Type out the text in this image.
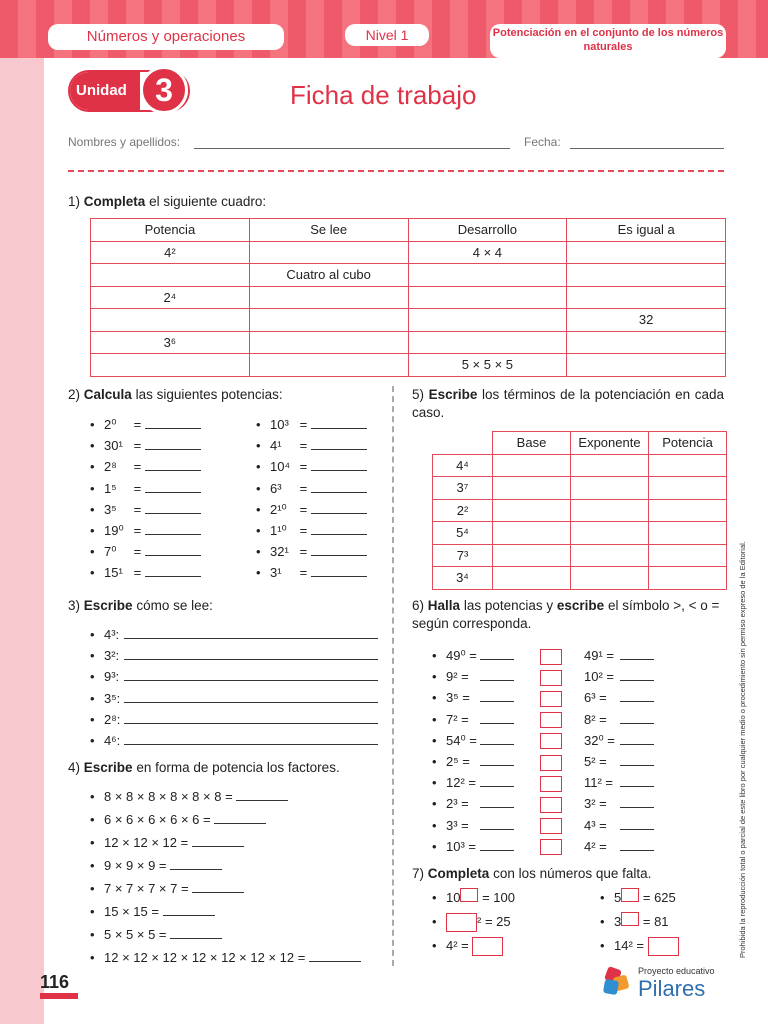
Números y operaciones	Nivel 1	Potenciación en el conjunto de los números naturales
Unidad 3	Ficha de trabajo
Nombres y apellidos:	Fecha:
1) Completa el siguiente cuadro:
Potencia	Se lee	Desarrollo	Es igual a
4²		4 × 4	
	Cuatro al cubo		
2⁴			
			32
3⁶			
		5 × 5 × 5	
2) Calcula las siguientes potencias:
• 2⁰ =
• 30¹ =
• 2⁸ =
• 1⁵ =
• 3⁵ =
• 19⁰ =
• 7⁰ =
• 15¹ =
• 10³ =
• 4¹ =
• 10⁴ =
• 6³ =
• 2¹⁰ =
• 1¹⁰ =
• 32¹ =
• 3¹ =
3) Escribe cómo se lee:
• 4³:
• 3²:
• 9³:
• 3⁵:
• 2⁸:
• 4⁶:
4) Escribe en forma de potencia los factores.
• 8 × 8 × 8 × 8 × 8 × 8 =
• 6 × 6 × 6 × 6 × 6 =
• 12 × 12 × 12 =
• 9 × 9 × 9 =
• 7 × 7 × 7 × 7 =
• 15 × 15 =
• 5 × 5 × 5 =
• 12 × 12 × 12 × 12 × 12 × 12 × 12 =
5) Escribe los términos de la potenciación en cada caso.
	Base	Exponente	Potencia
4⁴			
3⁷			
2²			
5⁴			
7³			
3⁴			
6) Halla las potencias y escribe el símbolo >, < o = según corresponda.
• 49⁰ =	49¹ =
• 9² =	10² =
• 3⁵ =	6³ =
• 7² =	8² =
• 54⁰ =	32⁰ =
• 2⁵ =	5² =
• 12² =	11² =
• 2³ =	3² =
• 3³ =	4³ =
• 10³ =	4² =
7) Completa con los números que falta.
• 10 = 100
•	² = 25
• 4² =
• 5 = 625
• 3 = 81
• 14² =	Prohibida la reproducción total o parcial de este libro por cualquier medio o procedimiento sin permiso expreso de la Editorial.
116
Proyecto educativo
Pilares
